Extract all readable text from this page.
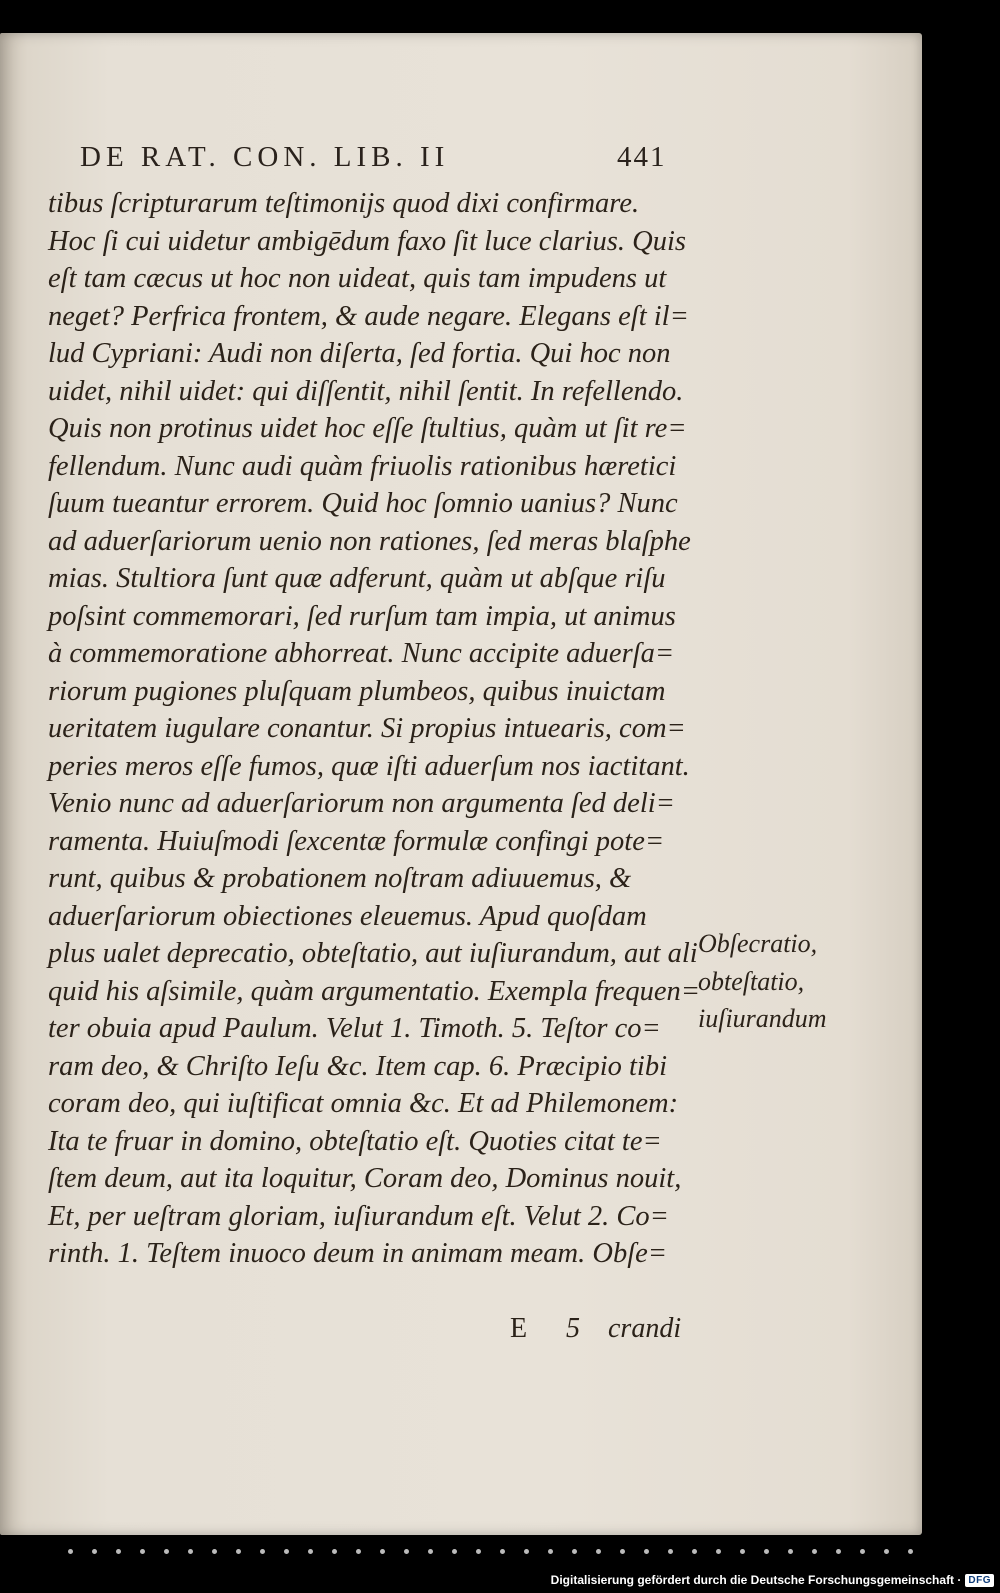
DE RAT. CON. LIB. II	441
tibus ſcripturarum teſtimonijs quod dixi confirmare.
Hoc ſi cui uidetur ambigēdum faxo ſit luce clarius. Quis
eſt tam cæcus ut hoc non uideat, quis tam impudens ut
neget? Perfrica frontem, & aude negare. Elegans eſt il=
lud Cypriani: Audi non diſerta, ſed fortia. Qui hoc non
uidet, nihil uidet: qui diſſentit, nihil ſentit. In refellendo.
Quis non protinus uidet hoc eſſe ſtultius, quàm ut ſit re=
fellendum. Nunc audi quàm friuolis rationibus hæretici
ſuum tueantur errorem. Quid hoc ſomnio uanius? Nunc
ad aduerſariorum uenio non rationes, ſed meras blaſphe
mias. Stultiora ſunt quæ adferunt, quàm ut abſque riſu
poſsint commemorari, ſed rurſum tam impia, ut animus
à commemoratione abhorreat. Nunc accipite aduerſa=
riorum pugiones pluſquam plumbeos, quibus inuictam
ueritatem iugulare conantur. Si propius intuearis, com=
peries meros eſſe fumos, quæ iſti aduerſum nos iactitant.
Venio nunc ad aduerſariorum non argumenta ſed deli=
ramenta. Huiuſmodi ſexcentæ formulæ confingi pote=
runt, quibus & probationem noſtram adiuuemus, &
aduerſariorum obiectiones eleuemus. Apud quoſdam
plus ualet deprecatio, obteſtatio, aut iuſiurandum, aut ali
quid his aſsimile, quàm argumentatio. Exempla frequen=
ter obuia apud Paulum. Velut 1. Timoth. 5. Teſtor co=
ram deo, & Chriſto Ieſu &c. Item cap. 6. Præcipio tibi
coram deo, qui iuſtificat omnia &c. Et ad Philemonem:
Ita te fruar in domino, obteſtatio eſt. Quoties citat te=
ſtem deum, aut ita loquitur, Coram deo, Dominus nouit,
Et, per ueſtram gloriam, iuſiurandum eſt. Velut 2. Co=
rinth. 1. Teſtem inuoco deum in animam meam. Obſe=
Obſecratio,
obteſtatio,
iuſiurandum
E 5 crandi
Digitalisierung gefördert durch die Deutsche Forschungsgemeinschaft · DFG
